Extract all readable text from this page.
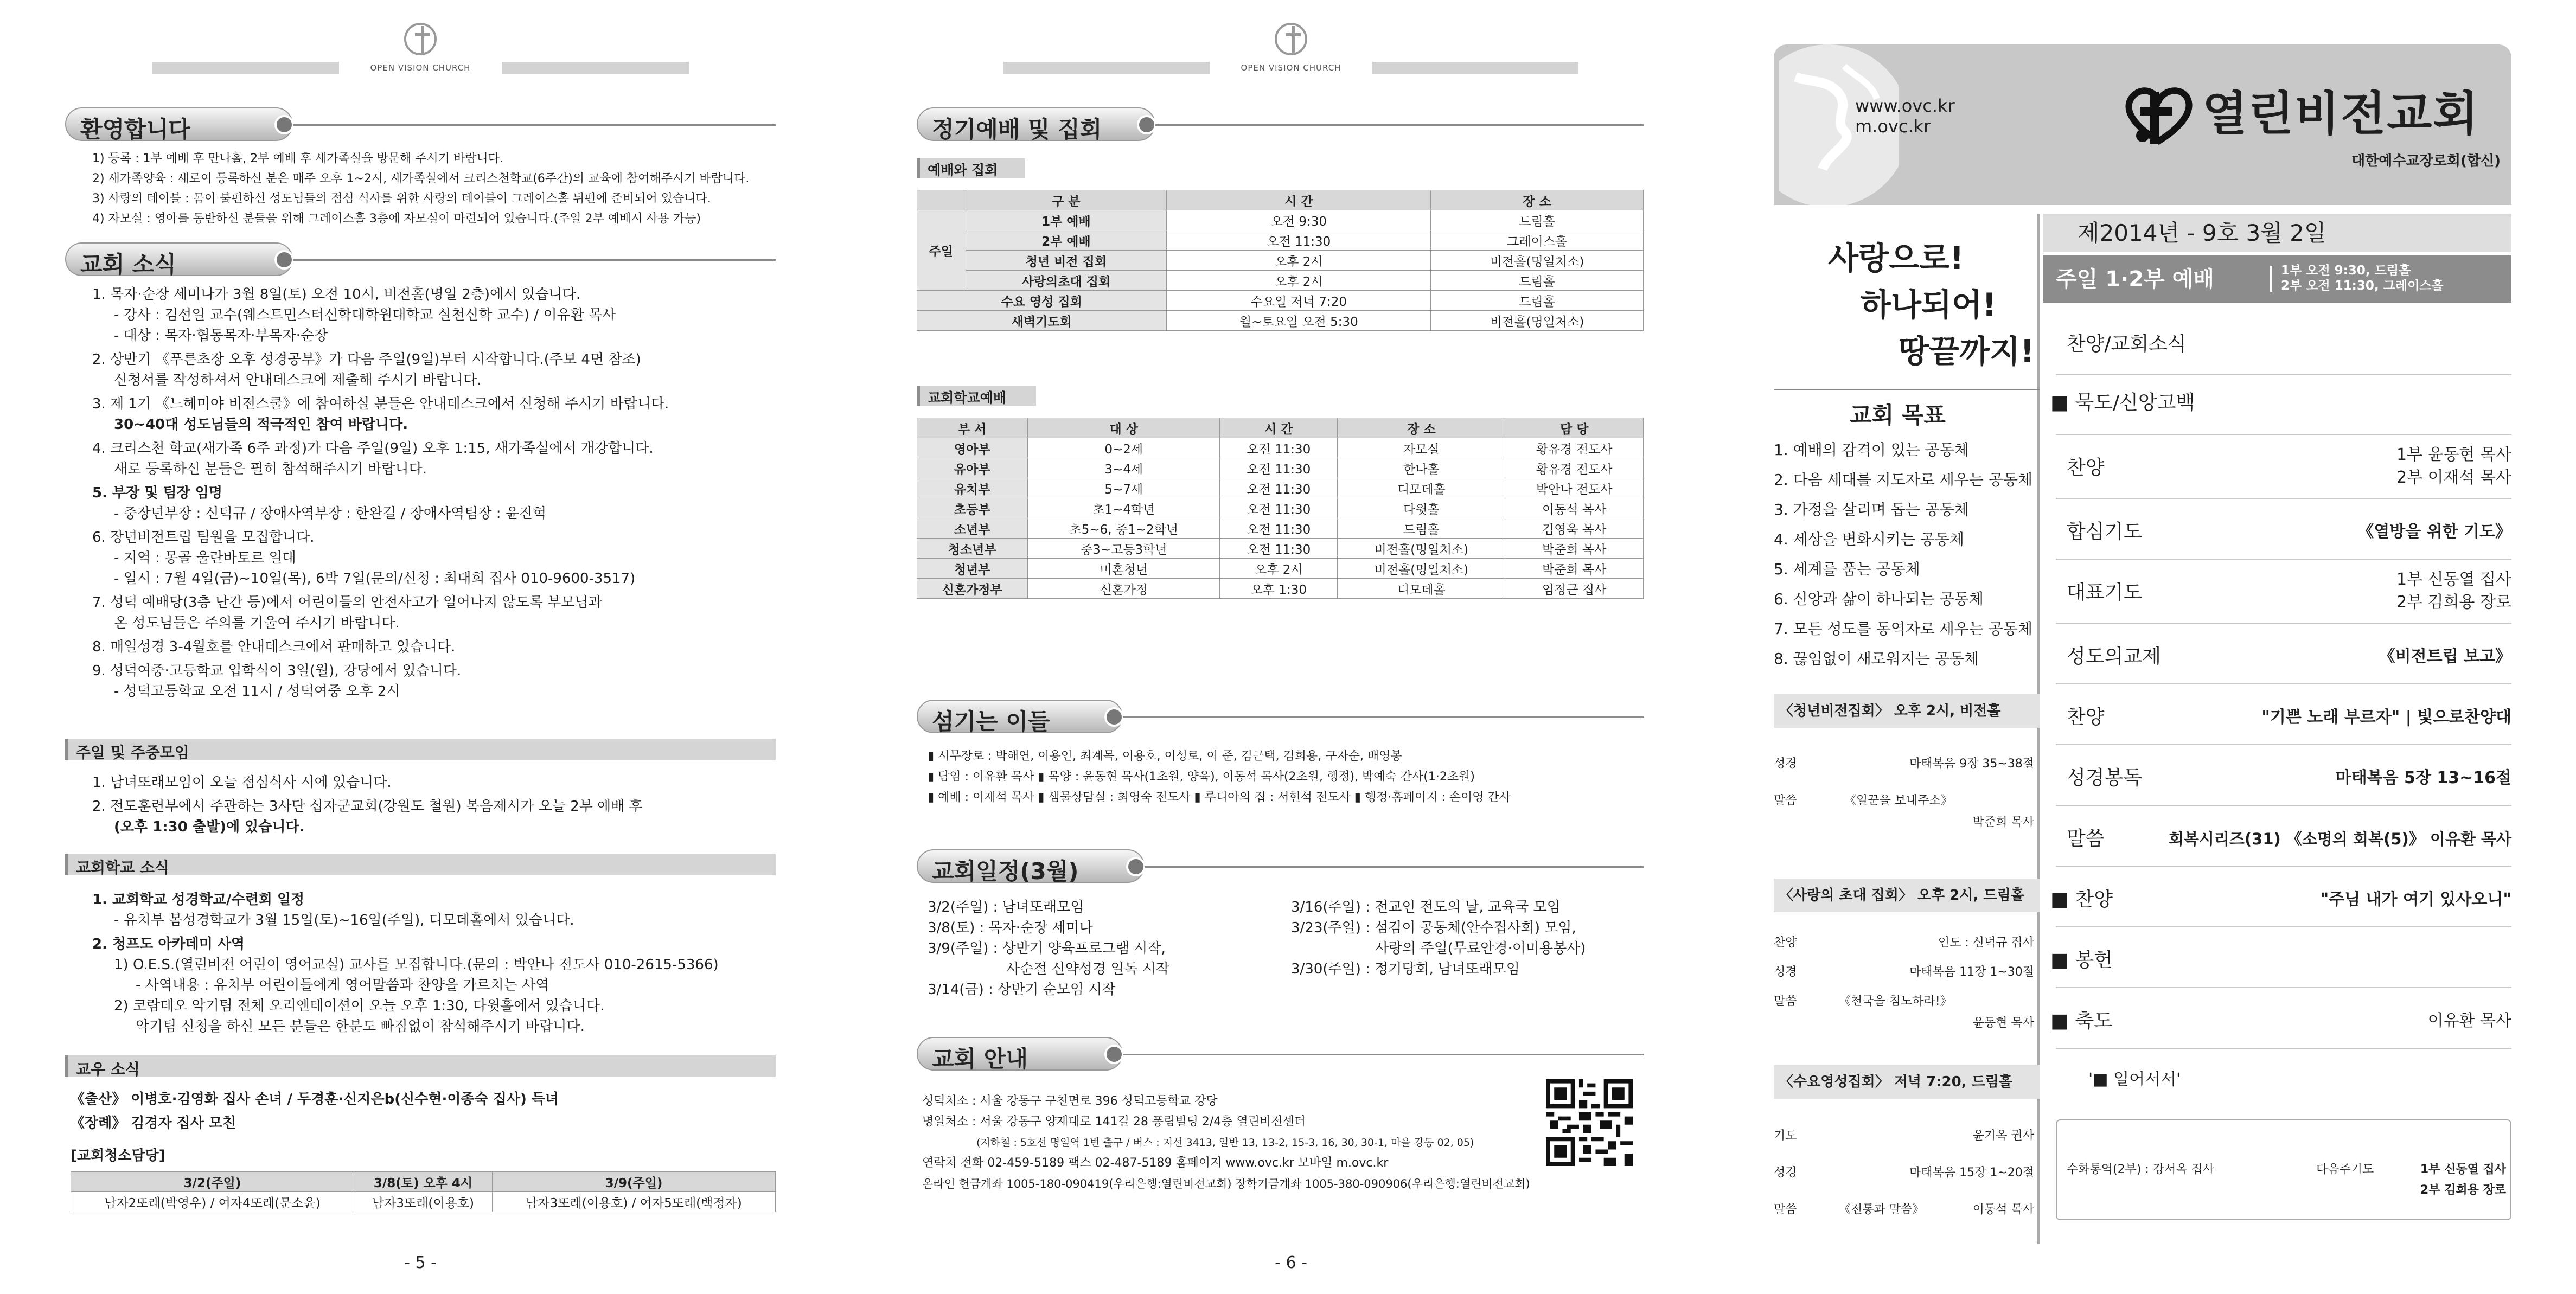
OPEN VISION CHURCH
환영합니다
1) 등록 : 1부 예배 후 만나홀, 2부 예배 후 새가족실을 방문해 주시기 바랍니다.
2) 새가족양육 : 새로이 등록하신 분은 매주 오후 1~2시, 새가족실에서 크리스천학교(6주간)의 교육에 참여해주시기 바랍니다.
3) 사랑의 테이블 : 몸이 불편하신 성도님들의 점심 식사를 위한 사랑의 테이블이 그레이스홀 뒤편에 준비되어 있습니다.
4) 자모실 : 영아를 동반하신 분들을 위해 그레이스홀 3층에 자모실이 마련되어 있습니다.(주일 2부 예배시 사용 가능)
교회 소식
1. 목자·순장 세미나가 3월 8일(토) 오전 10시, 비전홀(명일 2층)에서 있습니다.
- 강사 : 김선일 교수(웨스트민스터신학대학원대학교 실천신학 교수) / 이유환 목사
- 대상 : 목자·협동목자·부목자·순장
2. 상반기 《푸른초장 오후 성경공부》가 다음 주일(9일)부터 시작합니다.(주보 4면 참조)
신청서를 작성하셔서 안내데스크에 제출해 주시기 바랍니다.
3. 제 1기 《느헤미야 비전스쿨》에 참여하실 분들은 안내데스크에서 신청해 주시기 바랍니다.
30~40대 성도님들의 적극적인 참여 바랍니다.
4. 크리스천 학교(새가족 6주 과정)가 다음 주일(9일) 오후 1:15, 새가족실에서 개강합니다.
새로 등록하신 분들은 필히 참석해주시기 바랍니다.
5. 부장 및 팀장 임명
- 중장년부장 : 신덕규 / 장애사역부장 : 한완길 / 장애사역팀장 : 윤진혁
6. 장년비전트립 팀원을 모집합니다.
- 지역 : 몽골 울란바토르 일대
- 일시 : 7월 4일(금)~10일(목), 6박 7일(문의/신청 : 최대희 집사 010-9600-3517)
7. 성덕 예배당(3층 난간 등)에서 어린이들의 안전사고가 일어나지 않도록 부모님과
온 성도님들은 주의를 기울여 주시기 바랍니다.
8. 매일성경 3-4월호를 안내데스크에서 판매하고 있습니다.
9. 성덕여중·고등학교 입학식이 3일(월), 강당에서 있습니다.
- 성덕고등학교 오전 11시 / 성덕여중 오후 2시
주일 및 주중모임
1. 남녀또래모임이 오늘 점심식사 시에 있습니다.
2. 전도훈련부에서 주관하는 3사단 십자군교회(강원도 철원) 복음제시가 오늘 2부 예배 후
(오후 1:30 출발)에 있습니다.
교회학교 소식
1. 교회학교 성경학교/수련회 일정
- 유치부 봄성경학교가 3월 15일(토)~16일(주일), 디모데홀에서 있습니다.
2. 청프도 아카데미 사역
1) O.E.S.(열린비전 어린이 영어교실) 교사를 모집합니다.(문의 : 박안나 전도사 010-2615-5366)
- 사역내용 : 유치부 어린이들에게 영어말씀과 찬양을 가르치는 사역
2) 코람데오 악기팀 전체 오리엔테이션이 오늘 오후 1:30, 다윗홀에서 있습니다.
악기팀 신청을 하신 모든 분들은 한분도 빠짐없이 참석해주시기 바랍니다.
교우 소식
《출산》 이병호·김영화 집사 손녀 / 두경훈·신지은b(신수현·이종숙 집사) 득녀
《장례》 김경자 집사 모친
[교회청소담당]
3/2(주일)	3/8(토) 오후 4시	3/9(주일)
남자2또래(박영우) / 여자4또래(문소윤)	남자3또래(이용호)	남자3또래(이용호) / 여자5또래(백정자)
- 5 -
OPEN VISION CHURCH
정기예배 및 집회
예배와 집회
	구 분	시 간	장 소
주일	1부 예배	오전 9:30	드림홀
	2부 예배	오전 11:30	그레이스홀
	청년 비전 집회	오후 2시	비전홀(명일처소)
	사랑의초대 집회	오후 2시	드림홀
수요 영성 집회		수요일 저녁 7:20	드림홀
새벽기도회		월~토요일 오전 5:30	비전홀(명일처소)
교회학교예배
부 서	대 상	시 간	장 소	담 당
영아부	0~2세	오전 11:30	자모실	황유경 전도사
유아부	3~4세	오전 11:30	한나홀	황유경 전도사
유치부	5~7세	오전 11:30	디모데홀	박안나 전도사
초등부	초1~4학년	오전 11:30	다윗홀	이동석 목사
소년부	초5~6, 중1~2학년	오전 11:30	드림홀	김영욱 목사
청소년부	중3~고등3학년	오전 11:30	비전홀(명일처소)	박준희 목사
청년부	미혼청년	오후 2시	비전홀(명일처소)	박준희 목사
신혼가정부	신혼가정	오후 1:30	디모데홀	엄정근 집사
섬기는 이들
▮ 시무장로 : 박해연, 이용인, 최계목, 이용호, 이성로, 이 준, 김근택, 김희용, 구자순, 배영봉
▮ 담임 : 이유환 목사 ▮ 목양 : 윤동현 목사(1초원, 양육), 이동석 목사(2초원, 행정), 박예숙 간사(1·2초원)
▮ 예배 : 이재석 목사 ▮ 샘물상담실 : 최영숙 전도사 ▮ 루디아의 집 : 서현석 전도사 ▮ 행정·홈페이지 : 손이영 간사
교회일정(3월)
3/2(주일) : 남녀또래모임
3/8(토) : 목자·순장 세미나
3/9(주일) : 상반기 양육프로그램 시작,
사순절 신약성경 일독 시작
3/14(금) : 상반기 순모임 시작
3/16(주일) : 전교인 전도의 날, 교육국 모임
3/23(주일) : 섬김이 공동체(안수집사회) 모임,
사랑의 주일(무료안경·이미용봉사)
3/30(주일) : 정기당회, 남녀또래모임
교회 안내
성덕처소 : 서울 강동구 구천면로 396 성덕고등학교 강당
명일처소 : 서울 강동구 양재대로 141길 28 퐁림빌딩 2/4층 열린비전센터
(지하철 : 5호선 명일역 1번 출구 / 버스 : 지선 3413, 일반 13, 13-2, 15-3, 16, 30, 30-1, 마을 강동 02, 05)
연락처 전화 02-459-5189 팩스 02-487-5189 홈페이지 www.ovc.kr 모바일 m.ovc.kr
온라인 헌금계좌 1005-180-090419(우리은행:열린비전교회) 장학기금계좌 1005-380-090906(우리은행:열린비전교회)
- 6 -
www.ovc.kr
m.ovc.kr	열린비전교회
대한예수교장로회(합신)
사랑으로!
하나되어!
땅끝까지!
교회 목표
1. 예배의 감격이 있는 공동체
2. 다음 세대를 지도자로 세우는 공동체
3. 가정을 살리며 돕는 공동체
4. 세상을 변화시키는 공동체
5. 세계를 품는 공동체
6. 신앙과 삶이 하나되는 공동체
7. 모든 성도를 동역자로 세우는 공동체
8. 끊임없이 새로워지는 공동체
〈청년비전집회〉 오후 2시, 비전홀
성경	마태복음 9장 35~38절
말씀	《일꾼을 보내주소》
박준희 목사
〈사랑의 초대 집회〉 오후 2시, 드림홀
찬양	인도 : 신덕규 집사
성경	마태복음 11장 1~30절
말씀	《천국을 침노하라!》
윤동현 목사
〈수요영성집회〉 저녁 7:20, 드림홀
기도	윤기옥 권사
성경	마태복음 15장 1~20절
말씀	《전통과 말씀》	이동석 목사
제2014년 - 9호 3월 2일
주일 1·2부 예배	1부 오전 9:30, 드림홀
2부 오전 11:30, 그레이스홀
찬양/교회소식
■ 묵도/신앙고백
찬양
1부 윤동현 목사
2부 이재석 목사
합심기도	《열방을 위한 기도》
대표기도
1부 신동열 집사
2부 김희용 장로
성도의교제	《비전트립 보고》
찬양	"기쁜 노래 부르자" | 빛으로찬양대
성경봉독	마태복음 5장 13~16절
말씀	회복시리즈(31) 《소명의 회복(5)》 이유환 목사
■ 찬양	"주님 내가 여기 있사오니"
■ 봉헌
■ 축도	이유환 목사
'■ 일어서서'
수화통역(2부) : 강서옥 집사	다음주기도	1부 신동열 집사
2부 김희용 장로
